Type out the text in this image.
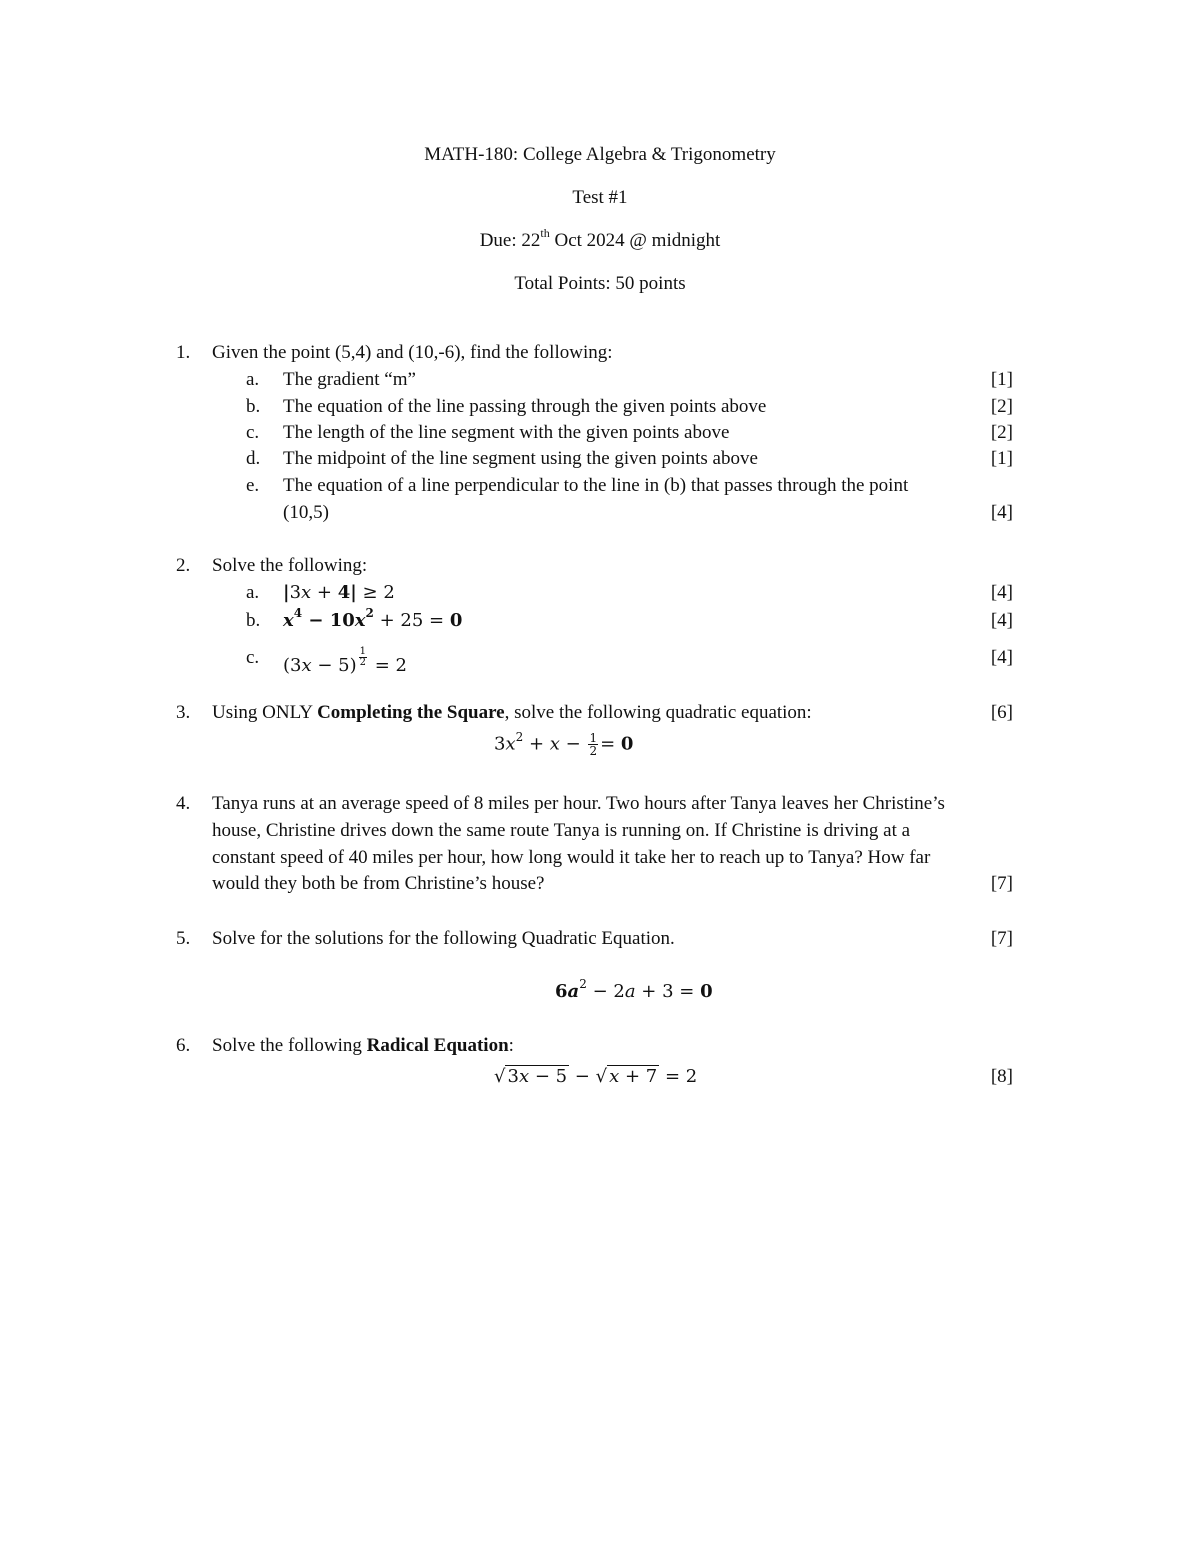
MATH-180: College Algebra & Trigonometry
Test #1
Due: 22th Oct 2024 @ midnight
Total Points: 50 points
1.	Given the point (5,4) and (10,-6), find the following:
a.	The gradient “m”	[1]
b.	The equation of the line passing through the given points above	[2]
c.	The length of the line segment with the given points above	[2]
d.	The midpoint of the line segment using the given points above	[1]
e.	The equation of a line perpendicular to the line in (b) that passes through the point
(10,5)	[4]
2.	Solve the following:
a.	|3x + 4| ≥ 2	[4]
b.	$x^4 - 10x^2 + 25 = 0$	[4]
c.	$(3x - 5) \frac{1}{2} = 2$	[4]
3.	Using ONLY Completing the Square, solve the following quadratic equation:	[6]
$3x^2 + x - \frac{1}{2} = 0$
4.	Tanya runs at an average speed of 8 miles per hour. Two hours after Tanya leaves her Christine’s
house, Christine drives down the same route Tanya is running on. If Christine is driving at a
constant speed of 40 miles per hour, how long would it take her to reach up to Tanya? How far
would they both be from Christine’s house?	[7]
5.	Solve for the solutions for the following Quadratic Equation.	[7]
$6a^2 - 2a + 3 = 0$
6.	Solve the following Radical Equation:
√ 3x − 5 − √ x + 7 = 2	[8]
